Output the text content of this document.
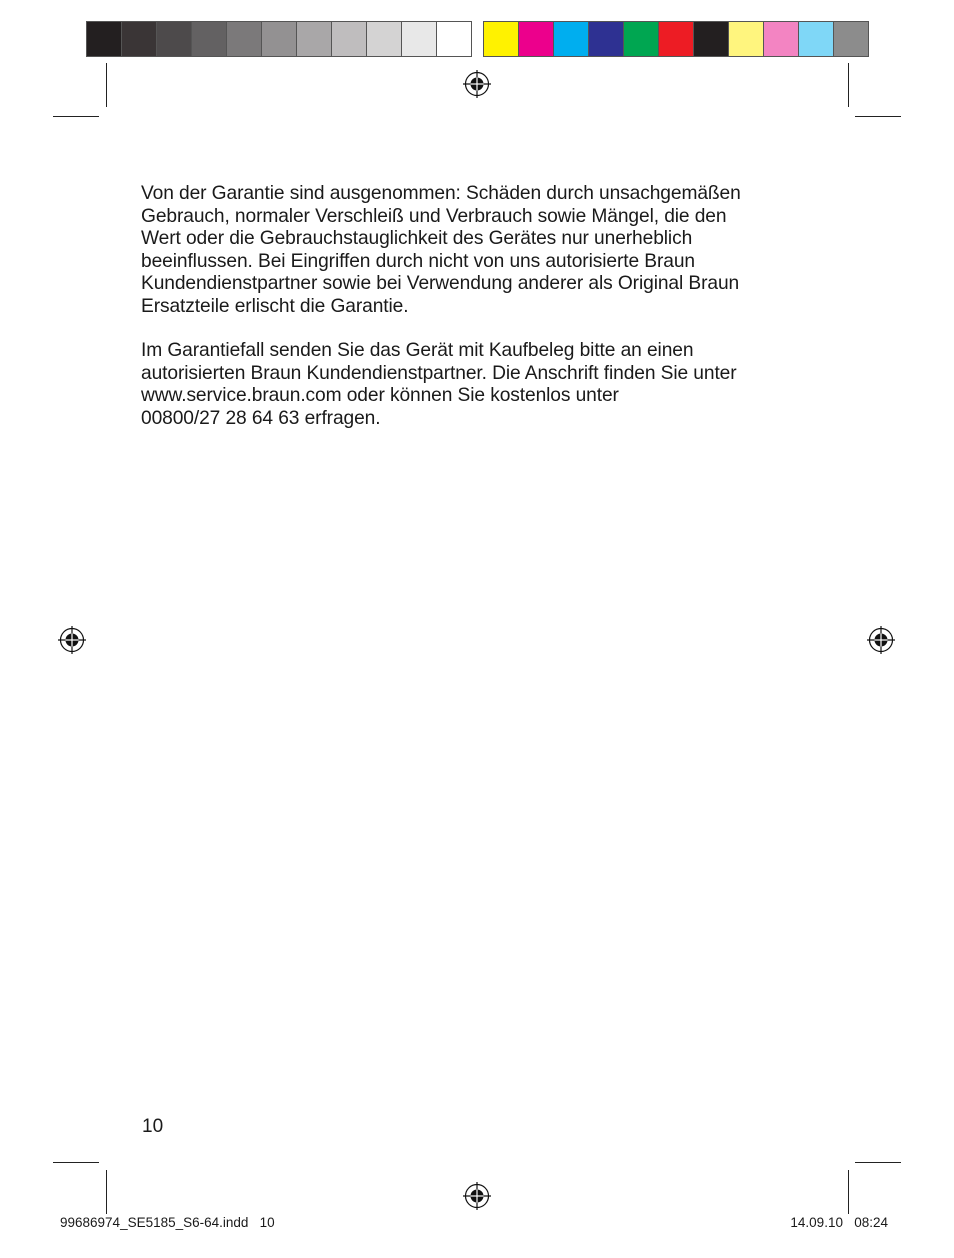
Von der Garantie sind ausgenommen: Schäden durch unsachgemäßen
Gebrauch, normaler Verschleiß und Verbrauch sowie Mängel, die den
Wert oder die Gebrauchstauglichkeit des Gerätes nur unerheblich
beeinflussen. Bei Eingriffen durch nicht von uns autorisierte Braun
Kundendienstpartner sowie bei Verwendung anderer als Original Braun
Ersatzteile erlischt die Garantie.

Im Garantiefall senden Sie das Gerät mit Kaufbeleg bitte an einen
autorisierten Braun Kundendienstpartner. Die Anschrift finden Sie unter
www.service.braun.com oder können Sie kostenlos unter
00800/27 28 64 63 erfragen.

10
99686974_SE5185_S6-64.indd   10	14.09.10   08:24
